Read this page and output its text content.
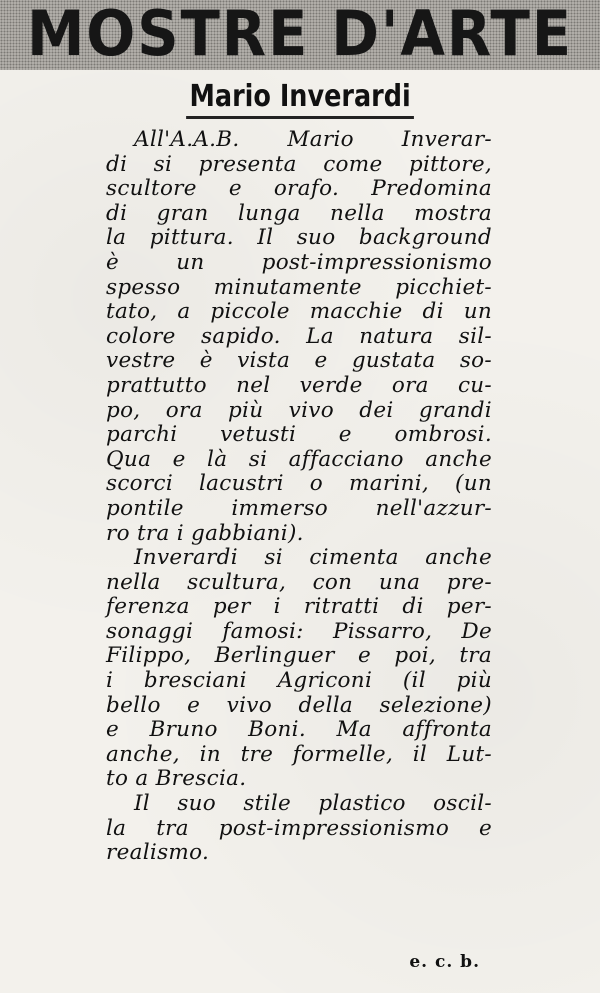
MOSTRE D'ARTE
Mario Inverardi
All'A.A.B. Mario Inverar-
di si presenta come pittore,
scultore e orafo. Predomina
di gran lunga nella mostra
la pittura. Il suo background
è un post-impressionismo
spesso minutamente picchiet-
tato, a piccole macchie di un
colore sapido. La natura sil-
vestre è vista e gustata so-
prattutto nel verde ora cu-
po, ora più vivo dei grandi
parchi vetusti e ombrosi.
Qua e là si affacciano anche
scorci lacustri o marini, (un
pontile immerso nell'azzur-
ro tra i gabbiani).
Inverardi si cimenta anche
nella scultura, con una pre-
ferenza per i ritratti di per-
sonaggi famosi: Pissarro, De
Filippo, Berlinguer e poi, tra
i bresciani Agriconi (il più
bello e vivo della selezione)
e Bruno Boni. Ma affronta
anche, in tre formelle, il Lut-
to a Brescia.
Il suo stile plastico oscil-
la tra post-impressionismo e
realismo.
e. c. b.
